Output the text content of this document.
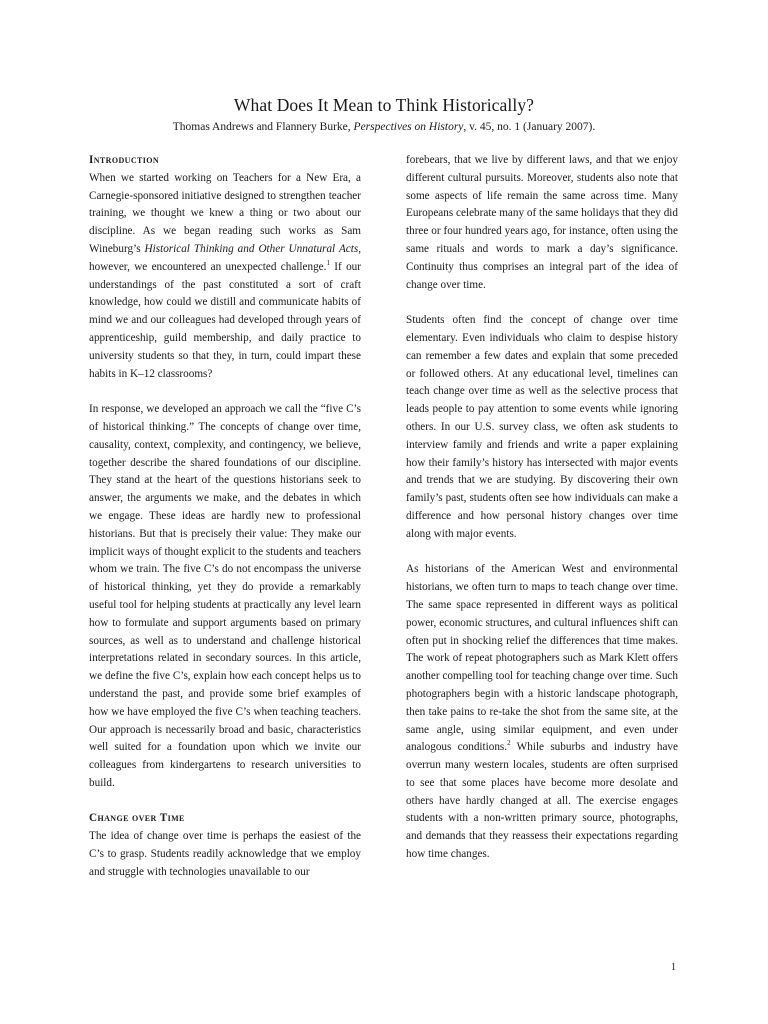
What Does It Mean to Think Historically?

Thomas Andrews and Flannery Burke, Perspectives on History, v. 45, no. 1 (January 2007).

Introduction

When we started working on Teachers for a New Era, a Carnegie-sponsored initiative designed to strengthen teacher training, we thought we knew a thing or two about our discipline. As we began reading such works as Sam Wineburg’s Historical Thinking and Other Unnatural Acts, however, we encountered an unexpected challenge.$^1$ If our understandings of the past constituted a sort of craft knowledge, how could we distill and communicate habits of mind we and our colleagues had developed through years of apprenticeship, guild membership, and daily practice to university students so that they, in turn, could impart these habits in K–12 classrooms?

In response, we developed an approach we call the “five C’s of historical thinking.” The concepts of change over time, causality, context, complexity, and contingency, we believe, together describe the shared foundations of our discipline. They stand at the heart of the questions historians seek to answer, the arguments we make, and the debates in which we engage. These ideas are hardly new to professional historians. But that is precisely their value: They make our implicit ways of thought explicit to the students and teachers whom we train. The five C’s do not encompass the universe of historical thinking, yet they do provide a remarkably useful tool for helping students at practically any level learn how to formulate and support arguments based on primary sources, as well as to understand and challenge historical interpretations related in secondary sources. In this article, we define the five C’s, explain how each concept helps us to understand the past, and provide some brief examples of how we have employed the five C’s when teaching teachers. Our approach is necessarily broad and basic, characteristics well suited for a foundation upon which we invite our colleagues from kindergartens to research universities to build.

Change over Time

The idea of change over time is perhaps the easiest of the C’s to grasp. Students readily acknowledge that we employ and struggle with technologies unavailable to our

forebears, that we live by different laws, and that we enjoy different cultural pursuits. Moreover, students also note that some aspects of life remain the same across time. Many Europeans celebrate many of the same holidays that they did three or four hundred years ago, for instance, often using the same rituals and words to mark a day’s significance. Continuity thus comprises an integral part of the idea of change over time.

Students often find the concept of change over time elementary. Even individuals who claim to despise history can remember a few dates and explain that some preceded or followed others. At any educational level, timelines can teach change over time as well as the selective process that leads people to pay attention to some events while ignoring others. In our U.S. survey class, we often ask students to interview family and friends and write a paper explaining how their family’s history has intersected with major events and trends that we are studying. By discovering their own family’s past, students often see how individuals can make a difference and how personal history changes over time along with major events.

As historians of the American West and environmental historians, we often turn to maps to teach change over time. The same space represented in different ways as political power, economic structures, and cultural influences shift can often put in shocking relief the differences that time makes. The work of repeat photographers such as Mark Klett offers another compelling tool for teaching change over time. Such photographers begin with a historic landscape photograph, then take pains to re-take the shot from the same site, at the same angle, using similar equipment, and even under analogous conditions.$^2$ While suburbs and industry have overrun many western locales, students are often surprised to see that some places have become more desolate and others have hardly changed at all. The exercise engages students with a non-written primary source, photographs, and demands that they reassess their expectations regarding how time changes.

1
